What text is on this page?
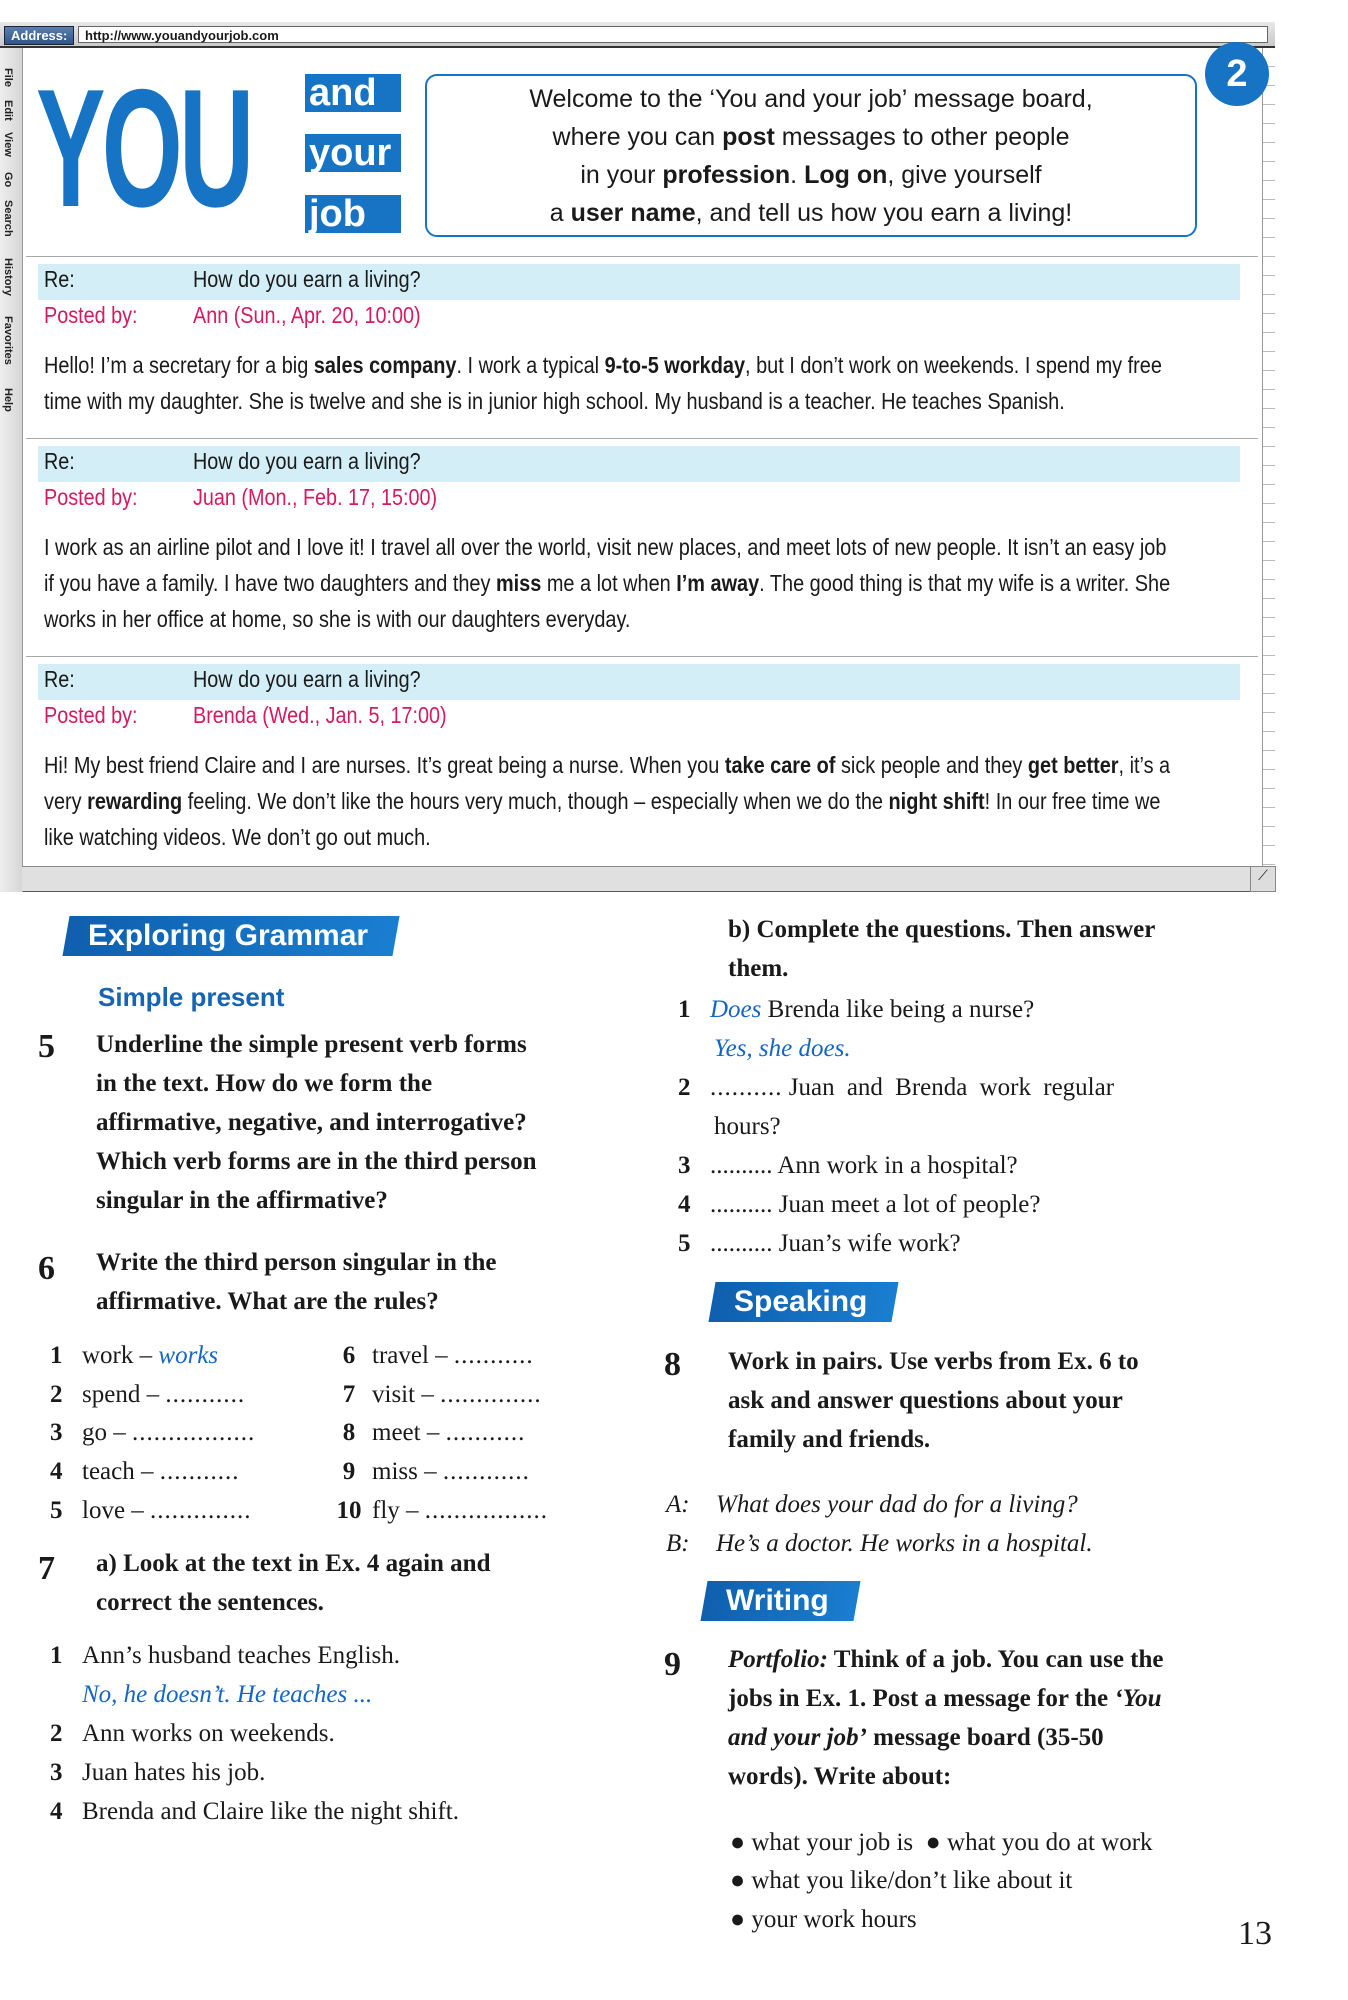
Address:	http://www.youandyourjob.com
File
Edit
View
Go
Search
History
Favorites
Help
⟋
YOU and
your
job
Welcome to the ‘You and your job’ message board,
where you can post messages to other people
in your profession. Log on, give yourself
a user name, and tell us how you earn a living!
2
Re:	How do you earn a living?
Posted by: Ann (Sun., Apr. 20, 10:00)
Hello! I’m a secretary for a big sales company. I work a typical 9-to-5 workday, but I don’t work on weekends. I spend my free
time with my daughter. She is twelve and she is in junior high school. My husband is a teacher. He teaches Spanish.
Re:	How do you earn a living?
Posted by: Juan (Mon., Feb. 17, 15:00)
I work as an airline pilot and I love it! I travel all over the world, visit new places, and meet lots of new people. It isn’t an easy job
if you have a family. I have two daughters and they miss me a lot when I’m away. The good thing is that my wife is a writer. She
works in her office at home, so she is with our daughters everyday.
Re:	How do you earn a living?
Posted by: Brenda (Wed., Jan. 5, 17:00)
Hi! My best friend Claire and I are nurses. It’s great being a nurse. When you take care of sick people and they get better, it’s a
very rewarding feeling. We don’t like the hours very much, though – especially when we do the night shift! In our free time we
like watching videos. We don’t go out much.
Exploring Grammar
Simple present
5 Underline the simple present verb forms
in the text. How do we form the
affirmative, negative, and interrogative?
Which verb forms are in the third person
singular in the affirmative?
6 Write the third person singular in the
affirmative. What are the rules?
1 work – works
2 spend – ...........
3 go – .................
4 teach – ...........
5 love – ..............
6 travel – ...........
7 visit – ..............
8 meet – ...........
9 miss – ............
10 fly – .................
7 a) Look at the text in Ex. 4 again and
correct the sentences.
1 Ann’s husband teaches English.
No, he doesn’t. He teaches ...
2 Ann works on weekends.
3 Juan hates his job.
4 Brenda and Claire like the night shift.
b) Complete the questions. Then answer
them.
1 Does Brenda like being a nurse?
Yes, she does.
2 .......... Juan and Brenda work regular
hours?
3 .......... Ann work in a hospital?
4 .......... Juan meet a lot of people?
5 .......... Juan’s wife work?
Speaking
8 Work in pairs. Use verbs from Ex. 6 to
ask and answer questions about your
family and friends.
A: What does your dad do for a living?
B: He’s a doctor. He works in a hospital.
Writing
9 Portfolio: Think of a job. You can use the
jobs in Ex. 1. Post a message for the ‘You
and your job’ message board (35-50
words). Write about:
● what your job is  ● what you do at work
● what you like/don’t like about it
● your work hours	13
